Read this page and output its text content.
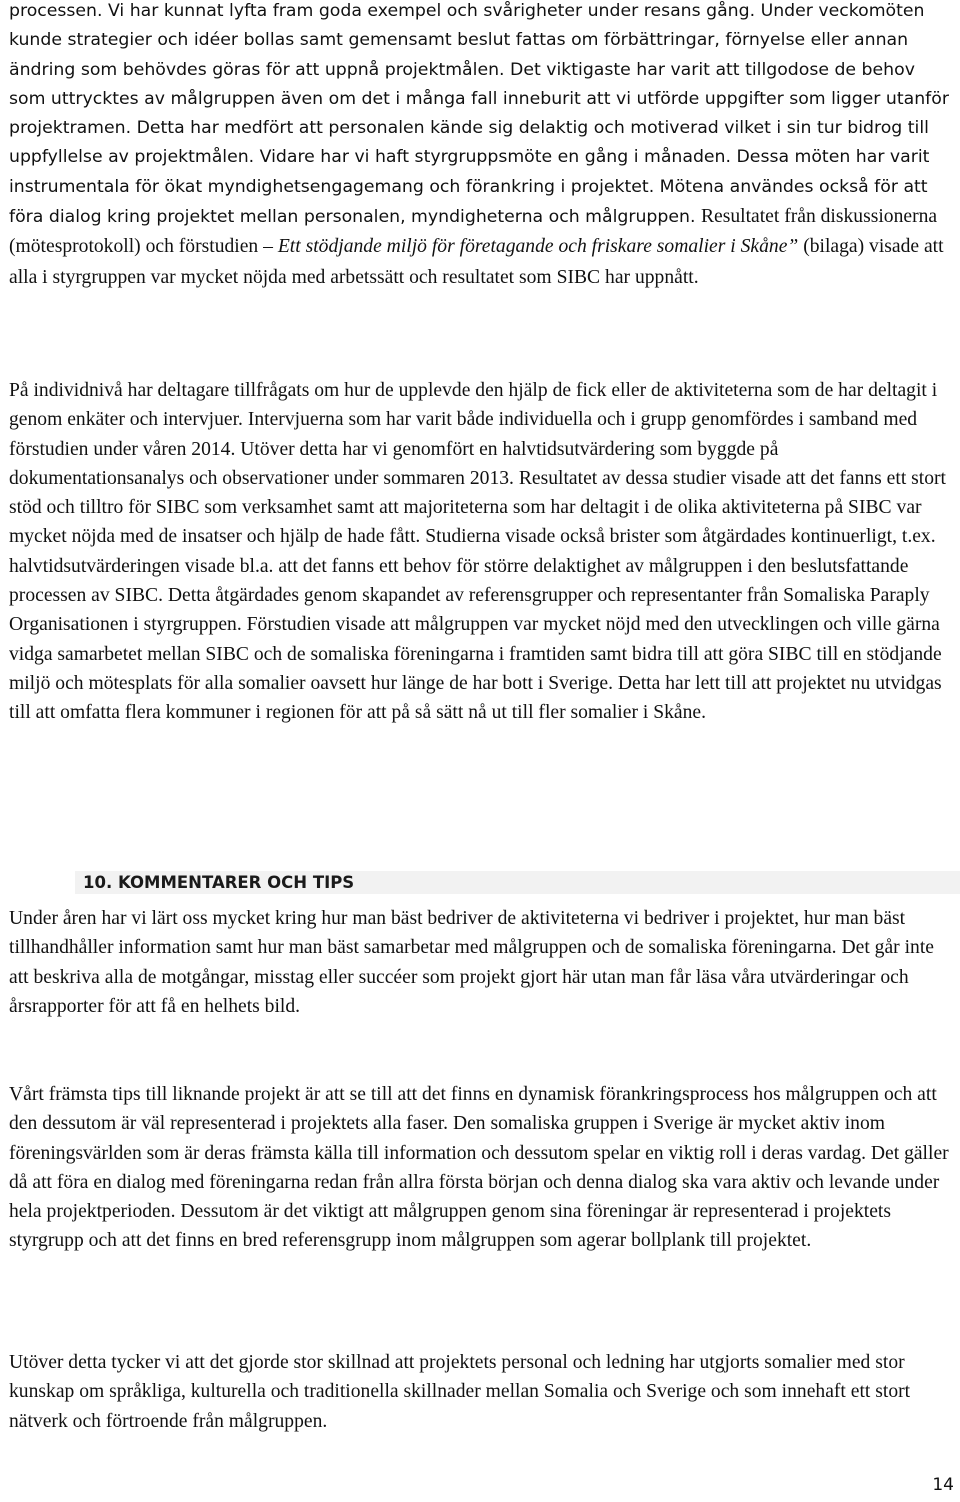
processen. Vi har kunnat lyfta fram goda exempel och svårigheter under resans gång. Under veckomöten kunde strategier och idéer bollas samt gemensamt beslut fattas om förbättringar, förnyelse eller annan ändring som behövdes göras för att uppnå projektmålen. Det viktigaste har varit att tillgodose de behov som uttrycktes av målgruppen även om det i många fall inneburit att vi utförde uppgifter som ligger utanför projektramen. Detta har medfört att personalen kände sig delaktig och motiverad vilket i sin tur bidrog till uppfyllelse av projektmålen. Vidare har vi haft styrgruppsmöte en gång i månaden. Dessa möten har varit instrumentala för ökat myndighetsengagemang och förankring i projektet. Mötena användes också för att föra dialog kring projektet mellan personalen, myndigheterna och målgruppen. Resultatet från diskussionerna (mötesprotokoll) och förstudien – Ett stödjande miljö för företagande och friskare somalier i Skåne” (bilaga) visade att alla i styrgruppen var mycket nöjda med arbetssätt och resultatet som SIBC har uppnått.

På individnivå har deltagare tillfrågats om hur de upplevde den hjälp de fick eller de aktiviteterna som de har deltagit i genom enkäter och intervjuer. Intervjuerna som har varit både individuella och i grupp genomfördes i samband med förstudien under våren 2014. Utöver detta har vi genomfört en halvtidsutvärdering som byggde på dokumentationsanalys och observationer under sommaren 2013. Resultatet av dessa studier visade att det fanns ett stort stöd och tilltro för SIBC som verksamhet samt att majoriteterna som har deltagit i de olika aktiviteterna på SIBC var mycket nöjda med de insatser och hjälp de hade fått. Studierna visade också brister som åtgärdades kontinuerligt, t.ex. halvtidsutvärderingen visade bl.a. att det fanns ett behov för större delaktighet av målgruppen i den beslutsfattande processen av SIBC. Detta åtgärdades genom skapandet av referensgrupper och representanter från Somaliska Paraply Organisationen i styrgruppen. Förstudien visade att målgruppen var mycket nöjd med den utvecklingen och ville gärna vidga samarbetet mellan SIBC och de somaliska föreningarna i framtiden samt bidra till att göra SIBC till en stödjande miljö och mötesplats för alla somalier oavsett hur länge de har bott i Sverige. Detta har lett till att projektet nu utvidgas till att omfatta flera kommuner i regionen för att på så sätt nå ut till fler somalier i Skåne.

Under åren har vi lärt oss mycket kring hur man bäst bedriver de aktiviteterna vi bedriver i projektet, hur man bäst tillhandhåller information samt hur man bäst samarbetar med målgruppen och de somaliska föreningarna. Det går inte att beskriva alla de motgångar, misstag eller succéer som projekt gjort här utan man får läsa våra utvärderingar och årsrapporter för att få en helhets bild.

Vårt främsta tips till liknande projekt är att se till att det finns en dynamisk förankringsprocess hos målgruppen och att den dessutom är väl representerad i projektets alla faser. Den somaliska gruppen i Sverige är mycket aktiv inom föreningsvärlden som är deras främsta källa till information och dessutom spelar en viktig roll i deras vardag. Det gäller då att föra en dialog med föreningarna redan från allra första början och denna dialog ska vara aktiv och levande under hela projektperioden. Dessutom är det viktigt att målgruppen genom sina föreningar är representerad i projektets styrgrupp och att det finns en bred referensgrupp inom målgruppen som agerar bollplank till projektet.

Utöver detta tycker vi att det gjorde stor skillnad att projektets personal och ledning har utgjorts somalier med stor kunskap om språkliga, kulturella och traditionella skillnader mellan Somalia och Sverige och som innehaft ett stort nätverk och förtroende från målgruppen.

10. KOMMENTARER OCH TIPS
14
